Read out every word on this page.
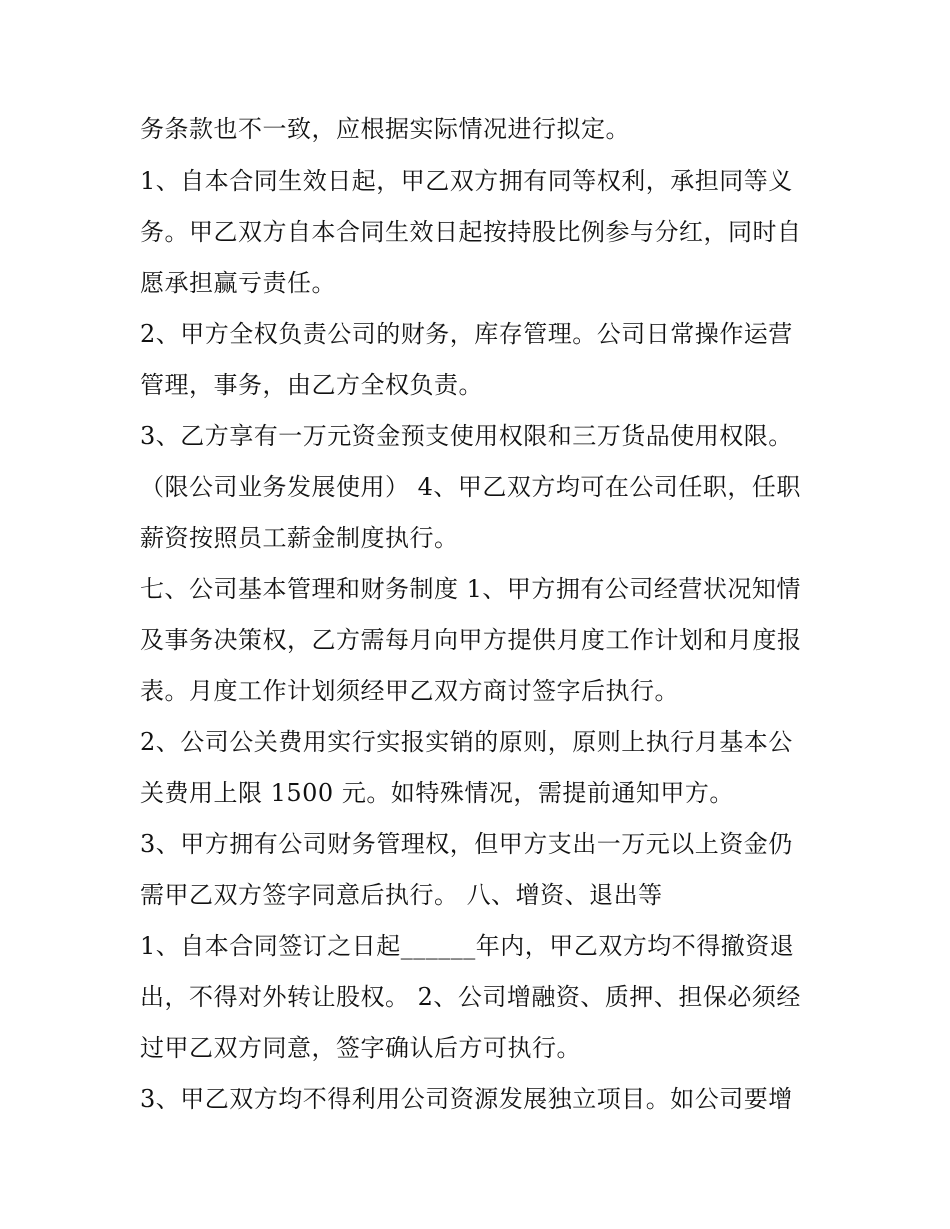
务条款也不一致，应根据实际情况进行拟定。
1、自本合同生效日起，甲乙双方拥有同等权利，承担同等义
务。甲乙双方自本合同生效日起按持股比例参与分红，同时自
愿承担赢亏责任。
2、甲方全权负责公司的财务，库存管理。公司日常操作运营
管理，事务，由乙方全权负责。
3、乙方享有一万元资金预支使用权限和三万货品使用权限。
（限公司业务发展使用） 4、甲乙双方均可在公司任职，任职
薪资按照员工薪金制度执行。
七、公司基本管理和财务制度 1、甲方拥有公司经营状况知情
及事务决策权，乙方需每月向甲方提供月度工作计划和月度报
表。月度工作计划须经甲乙双方商讨签字后执行。
2、公司公关费用实行实报实销的原则，原则上执行月基本公
关费用上限 1500 元。如特殊情况，需提前通知甲方。
3、甲方拥有公司财务管理权，但甲方支出一万元以上资金仍
需甲乙双方签字同意后执行。 八、增资、退出等
1、自本合同签订之日起______年内，甲乙双方均不得撤资退
出，不得对外转让股权。 2、公司增融资、质押、担保必须经
过甲乙双方同意，签字确认后方可执行。
3、甲乙双方均不得利用公司资源发展独立项目。如公司要增
